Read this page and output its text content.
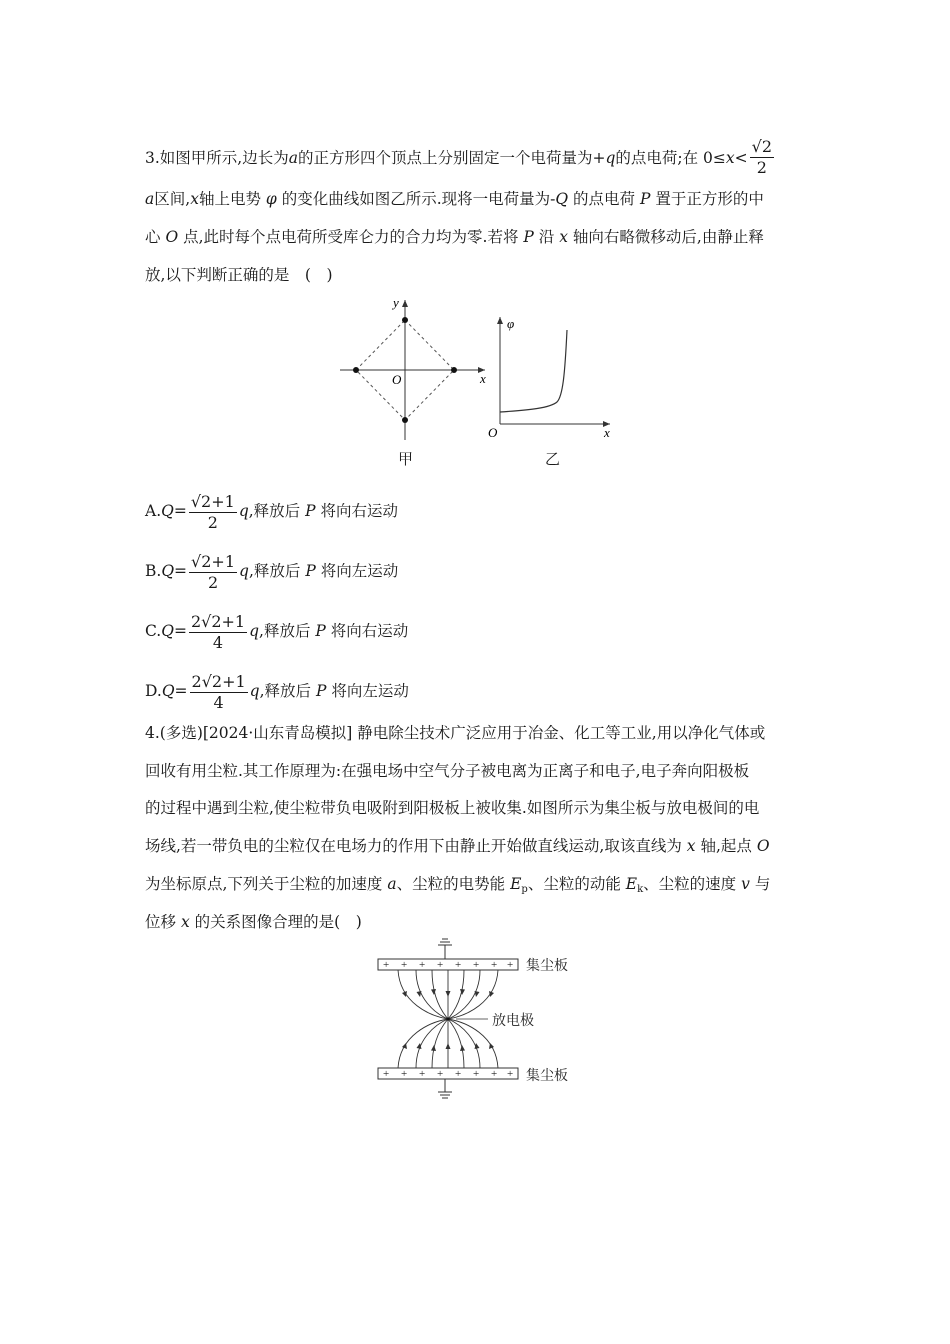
3.如图甲所示,边长为a的正方形四个顶点上分别固定一个电荷量为+q的点电荷;在 $0\le x< \frac{√2}{2}$
a区间,x轴上电势 φ 的变化曲线如图乙所示.现将一电荷量为-Q 的点电荷 P 置于正方形的中
心 O 点,此时每个点电荷所受库仑力的合力均为零.若将 P 沿 x 轴向右略微移动后,由静止释
放,以下判断正确的是　(　)
y
x
O
甲
φ
x
O
乙
$A.Q= \frac{√2+1}{2} q$,释放后 P 将向右运动
$B.Q= \frac{√2+1}{2} q$,释放后 P 将向左运动
$C.Q= \frac{2√2+1}{4} q$,释放后 P 将向右运动
$D.Q= \frac{2√2+1}{4} q$,释放后 P 将向左运动
4.(多选)[2024·山东青岛模拟] 静电除尘技术广泛应用于冶金、化工等工业,用以净化气体或
回收有用尘粒.其工作原理为:在强电场中空气分子被电离为正离子和电子,电子奔向阳极板
的过程中遇到尘粒,使尘粒带负电吸附到阳极板上被收集.如图所示为集尘板与放电极间的电
场线,若一带负电的尘粒仅在电场力的作用下由静止开始做直线运动,取该直线为 x 轴,起点 O
为坐标原点,下列关于尘粒的加速度 a、尘粒的电势能 $E_p$、尘粒的动能 $E_k$、尘粒的速度 v 与
位移 x 的关系图像合理的是(　)
+ + + + + + + +
+ + + + + + + +
集尘板
放电极
集尘板
